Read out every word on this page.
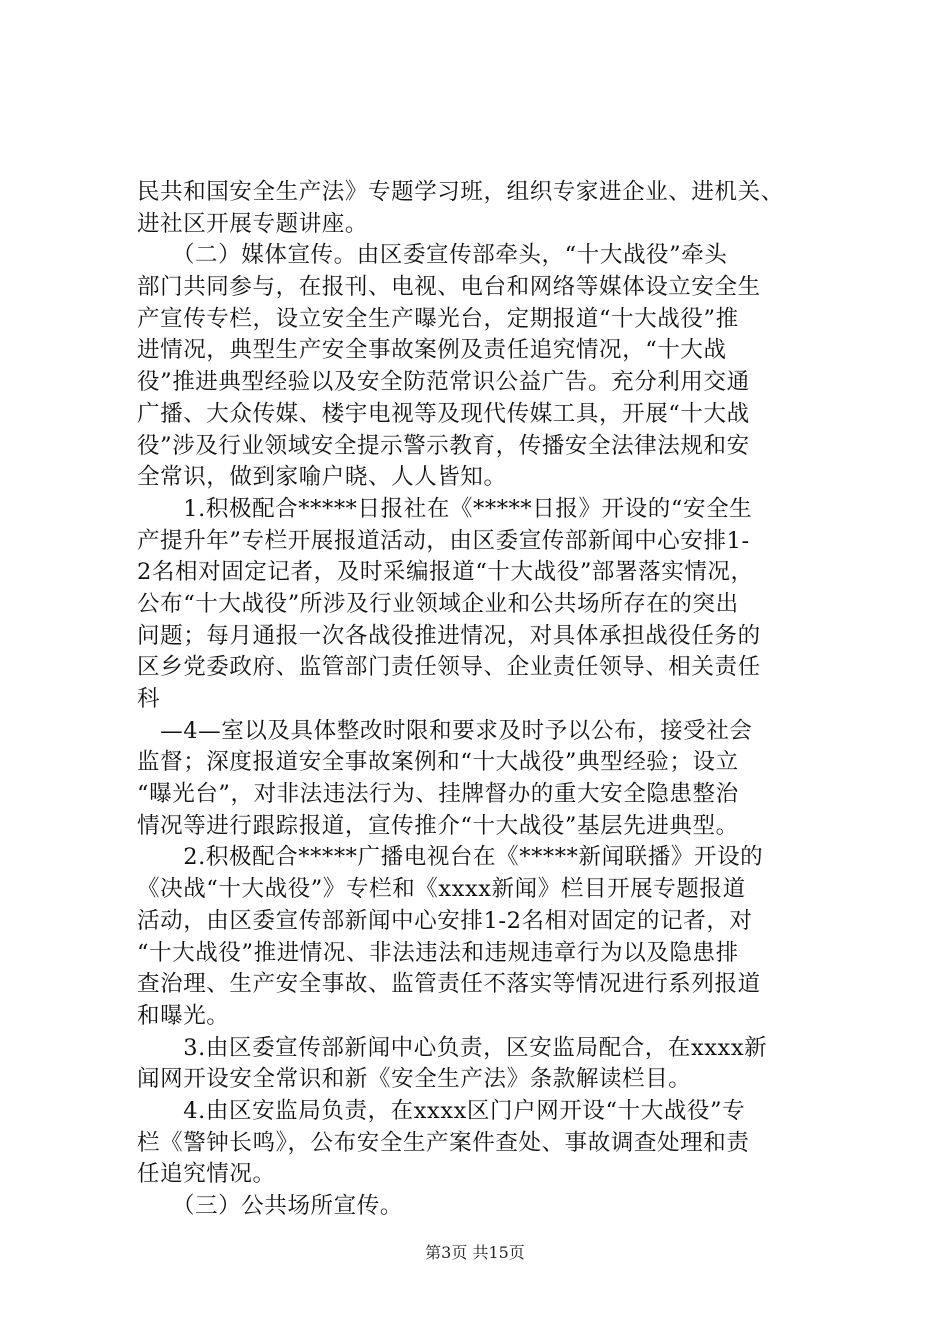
民共和国安全生产法》专题学习班，组织专家进企业、进机关、
进社区开展专题讲座。
　　（二）媒体宣传。由区委宣传部牵头，“十大战役”牵头
部门共同参与，在报刊、电视、电台和网络等媒体设立安全生
产宣传专栏，设立安全生产曝光台，定期报道“十大战役”推
进情况，典型生产安全事故案例及责任追究情况，“十大战
役”推进典型经验以及安全防范常识公益广告。充分利用交通
广播、大众传媒、楼宇电视等及现代传媒工具，开展“十大战
役”涉及行业领域安全提示警示教育，传播安全法律法规和安
全常识，做到家喻户晓、人人皆知。
　　1.积极配合*****日报社在《*****日报》开设的“安全生
产提升年”专栏开展报道活动，由区委宣传部新闻中心安排1-
2名相对固定记者，及时采编报道“十大战役”部署落实情况，
公布“十大战役”所涉及行业领域企业和公共场所存在的突出
问题；每月通报一次各战役推进情况，对具体承担战役任务的
区乡党委政府、监管部门责任领导、企业责任领导、相关责任
科
　—4—室以及具体整改时限和要求及时予以公布，接受社会
监督；深度报道安全事故案例和“十大战役”典型经验；设立
“曝光台”，对非法违法行为、挂牌督办的重大安全隐患整治
情况等进行跟踪报道，宣传推介“十大战役”基层先进典型。
　　2.积极配合*****广播电视台在《*****新闻联播》开设的
《决战“十大战役”》专栏和《xxxx新闻》栏目开展专题报道
活动，由区委宣传部新闻中心安排1-2名相对固定的记者，对
“十大战役”推进情况、非法违法和违规违章行为以及隐患排
查治理、生产安全事故、监管责任不落实等情况进行系列报道
和曝光。
　　3.由区委宣传部新闻中心负责，区安监局配合，在xxxx新
闻网开设安全常识和新《安全生产法》条款解读栏目。
　　4.由区安监局负责，在xxxx区门户网开设“十大战役”专
栏《警钟长鸣》，公布安全生产案件查处、事故调查处理和责
任追究情况。
　　（三）公共场所宣传。
第3页 共15页
